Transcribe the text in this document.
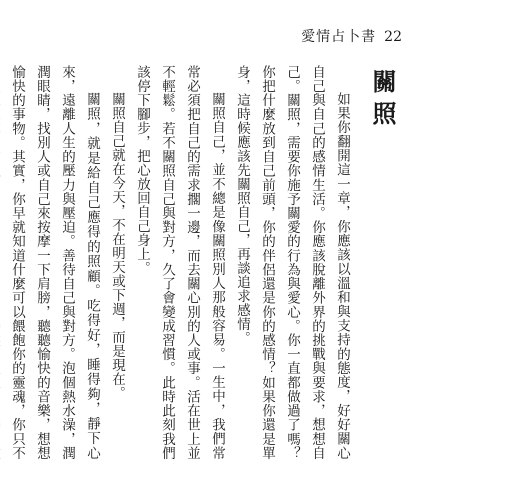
愛情占卜書 22
關照

如果你翻開這一章，你應該以溫和與支持的態度，好好關心自己與自己的感情生活。你應該脫離外界的挑戰與要求，想想自己。關照，需要你施予關愛的行為與愛心。你一直都做過了嗎？你把什麼放到自己前頭，你的伴侶還是你的感情？如果你還是單身，這時候應該先關照自己，再談追求感情。

關照自己，並不總是像關照別人那般容易。一生中，我們常常必須把自己的需求擱一邊，而去關心別的人或事。活在世上並不輕鬆。若不關照自己與對方，久了會變成習慣。此時此刻我們該停下腳步，把心放回自己身上。

關照自己就在今天，不在明天或下週，而是現在。

關照，就是給自己應得的照顧。吃得好，睡得夠，靜下心來，遠離人生的壓力與壓迫。善待自己與對方。泡個熱水澡，潤潤眼睛，找別人或自己來按摩一下肩膀，聽聽愉快的音樂，想想愉快的事物。其實，你早就知道什麼可以餵飽你的靈魂，你只不
